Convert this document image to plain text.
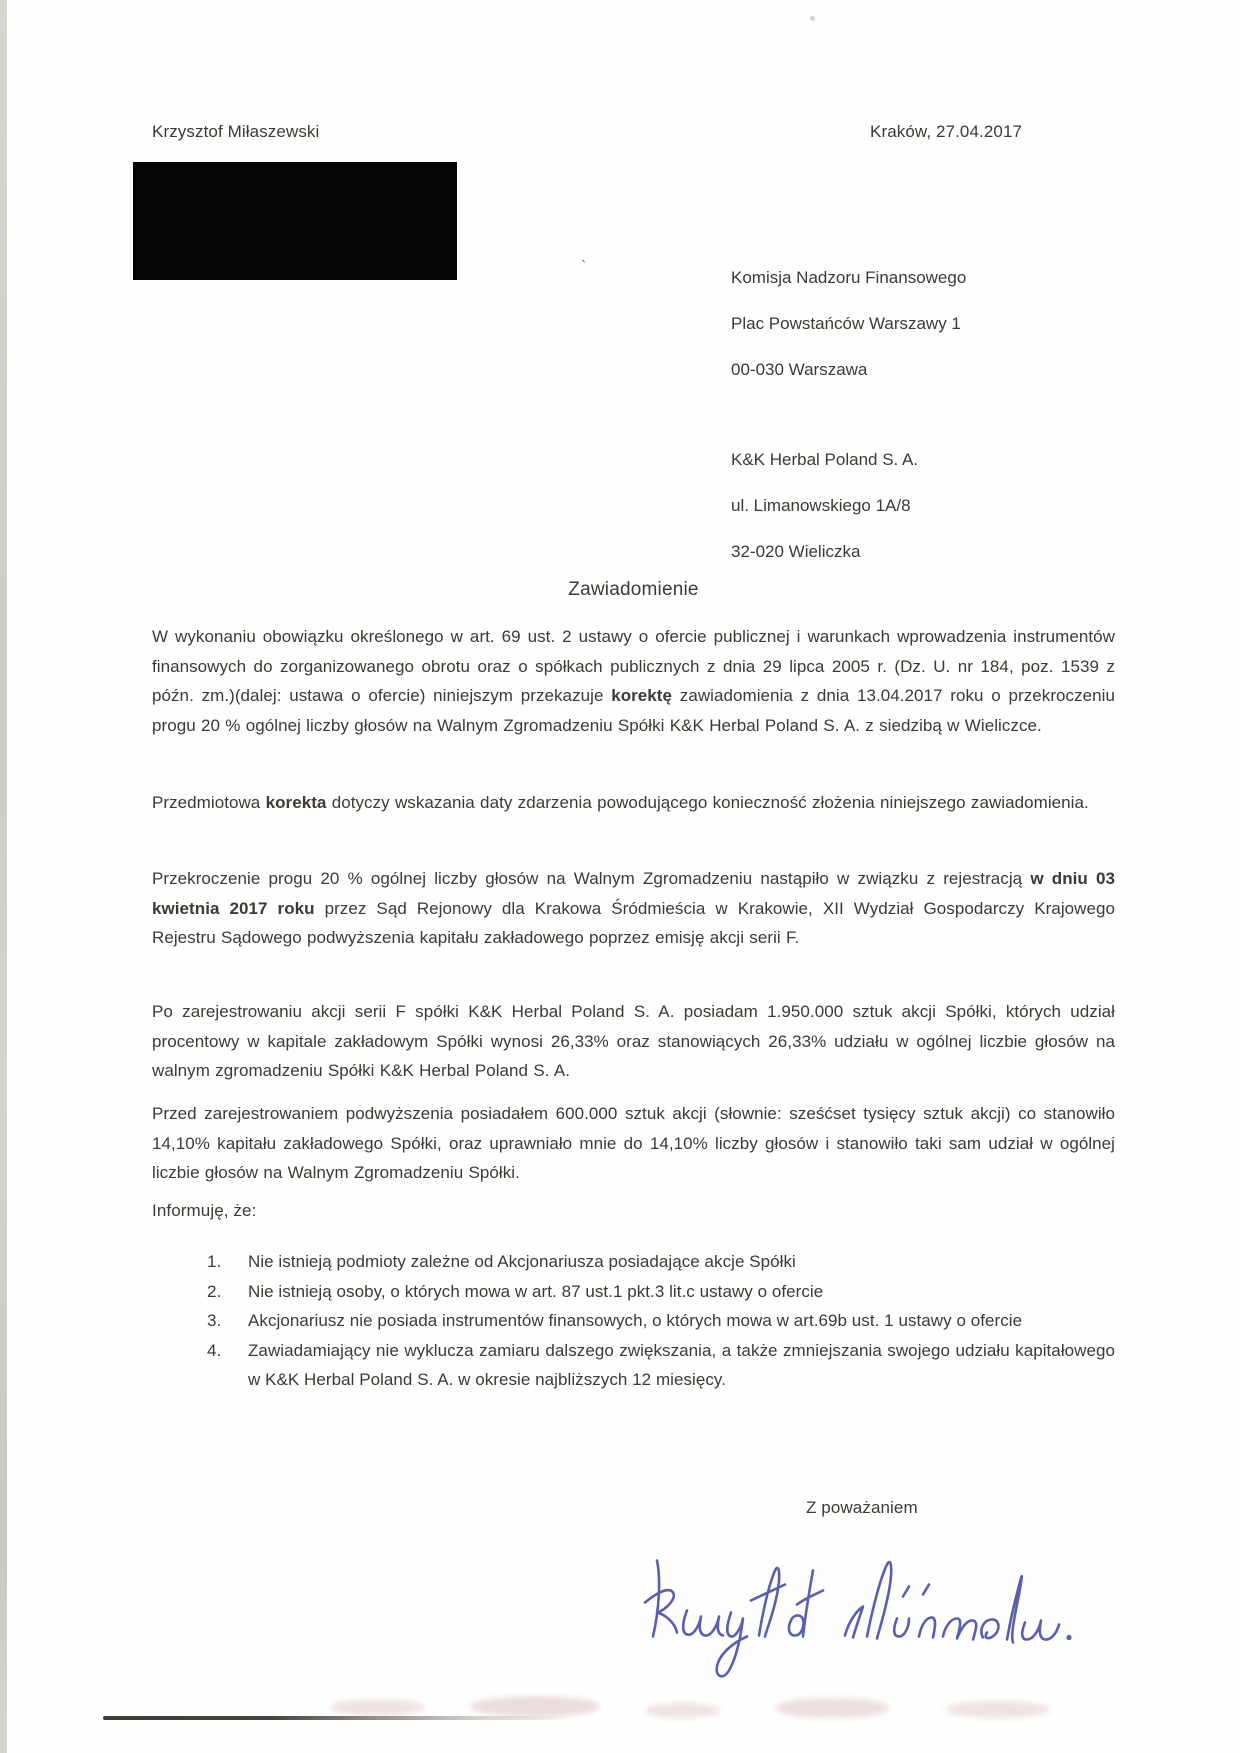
Krzysztof Miłaszewski	Kraków, 27.04.2017
`
Komisja Nadzoru Finansowego
Plac Powstańców Warszawy 1
00-030 Warszawa
K&K Herbal Poland S. A.
ul. Limanowskiego 1A/8
32-020 Wieliczka
Zawiadomienie

W wykonaniu obowiązku określonego w art. 69 ust. 2 ustawy o ofercie publicznej i warunkach wprowadzenia instrumentów finansowych do zorganizowanego obrotu oraz o spółkach publicznych z dnia 29 lipca 2005 r. (Dz. U. nr 184, poz. 1539 z późn. zm.)(dalej: ustawa o ofercie) niniejszym przekazuje korektę zawiadomienia z dnia 13.04.2017 roku o przekroczeniu progu 20 % ogólnej liczby głosów na Walnym Zgromadzeniu Spółki K&K Herbal Poland S. A. z siedzibą w Wieliczce.

Przedmiotowa korekta dotyczy wskazania daty zdarzenia powodującego konieczność złożenia niniejszego zawiadomienia.

Przekroczenie progu 20 % ogólnej liczby głosów na Walnym Zgromadzeniu nastąpiło w związku z rejestracją w dniu 03 kwietnia 2017 roku przez Sąd Rejonowy dla Krakowa Śródmieścia w Krakowie, XII Wydział Gospodarczy Krajowego Rejestru Sądowego podwyższenia kapitału zakładowego poprzez emisję akcji serii F.

Po zarejestrowaniu akcji serii F spółki K&K Herbal Poland S. A. posiadam 1.950.000 sztuk akcji Spółki, których udział procentowy w kapitale zakładowym Spółki wynosi 26,33% oraz stanowiących 26,33% udziału w ogólnej liczbie głosów na walnym zgromadzeniu Spółki K&K Herbal Poland S. A.

Przed zarejestrowaniem podwyższenia posiadałem 600.000 sztuk akcji (słownie: sześćset tysięcy sztuk akcji) co stanowiło 14,10% kapitału zakładowego Spółki, oraz uprawniało mnie do 14,10% liczby głosów i stanowiło taki sam udział w ogólnej liczbie głosów na Walnym Zgromadzeniu Spółki.

Informuję, że:
1. Nie istnieją podmioty zależne od Akcjonariusza posiadające akcje Spółki
2. Nie istnieją osoby, o których mowa w art. 87 ust.1 pkt.3 lit.c ustawy o ofercie
3. Akcjonariusz nie posiada instrumentów finansowych, o których mowa w art.69b ust. 1 ustawy o ofercie
4. Zawiadamiający nie wyklucza zamiaru dalszego zwiększania, a także zmniejszania swojego udziału kapitałowego w K&K Herbal Poland S. A. w okresie najbliższych 12 miesięcy.
Z poważaniem
